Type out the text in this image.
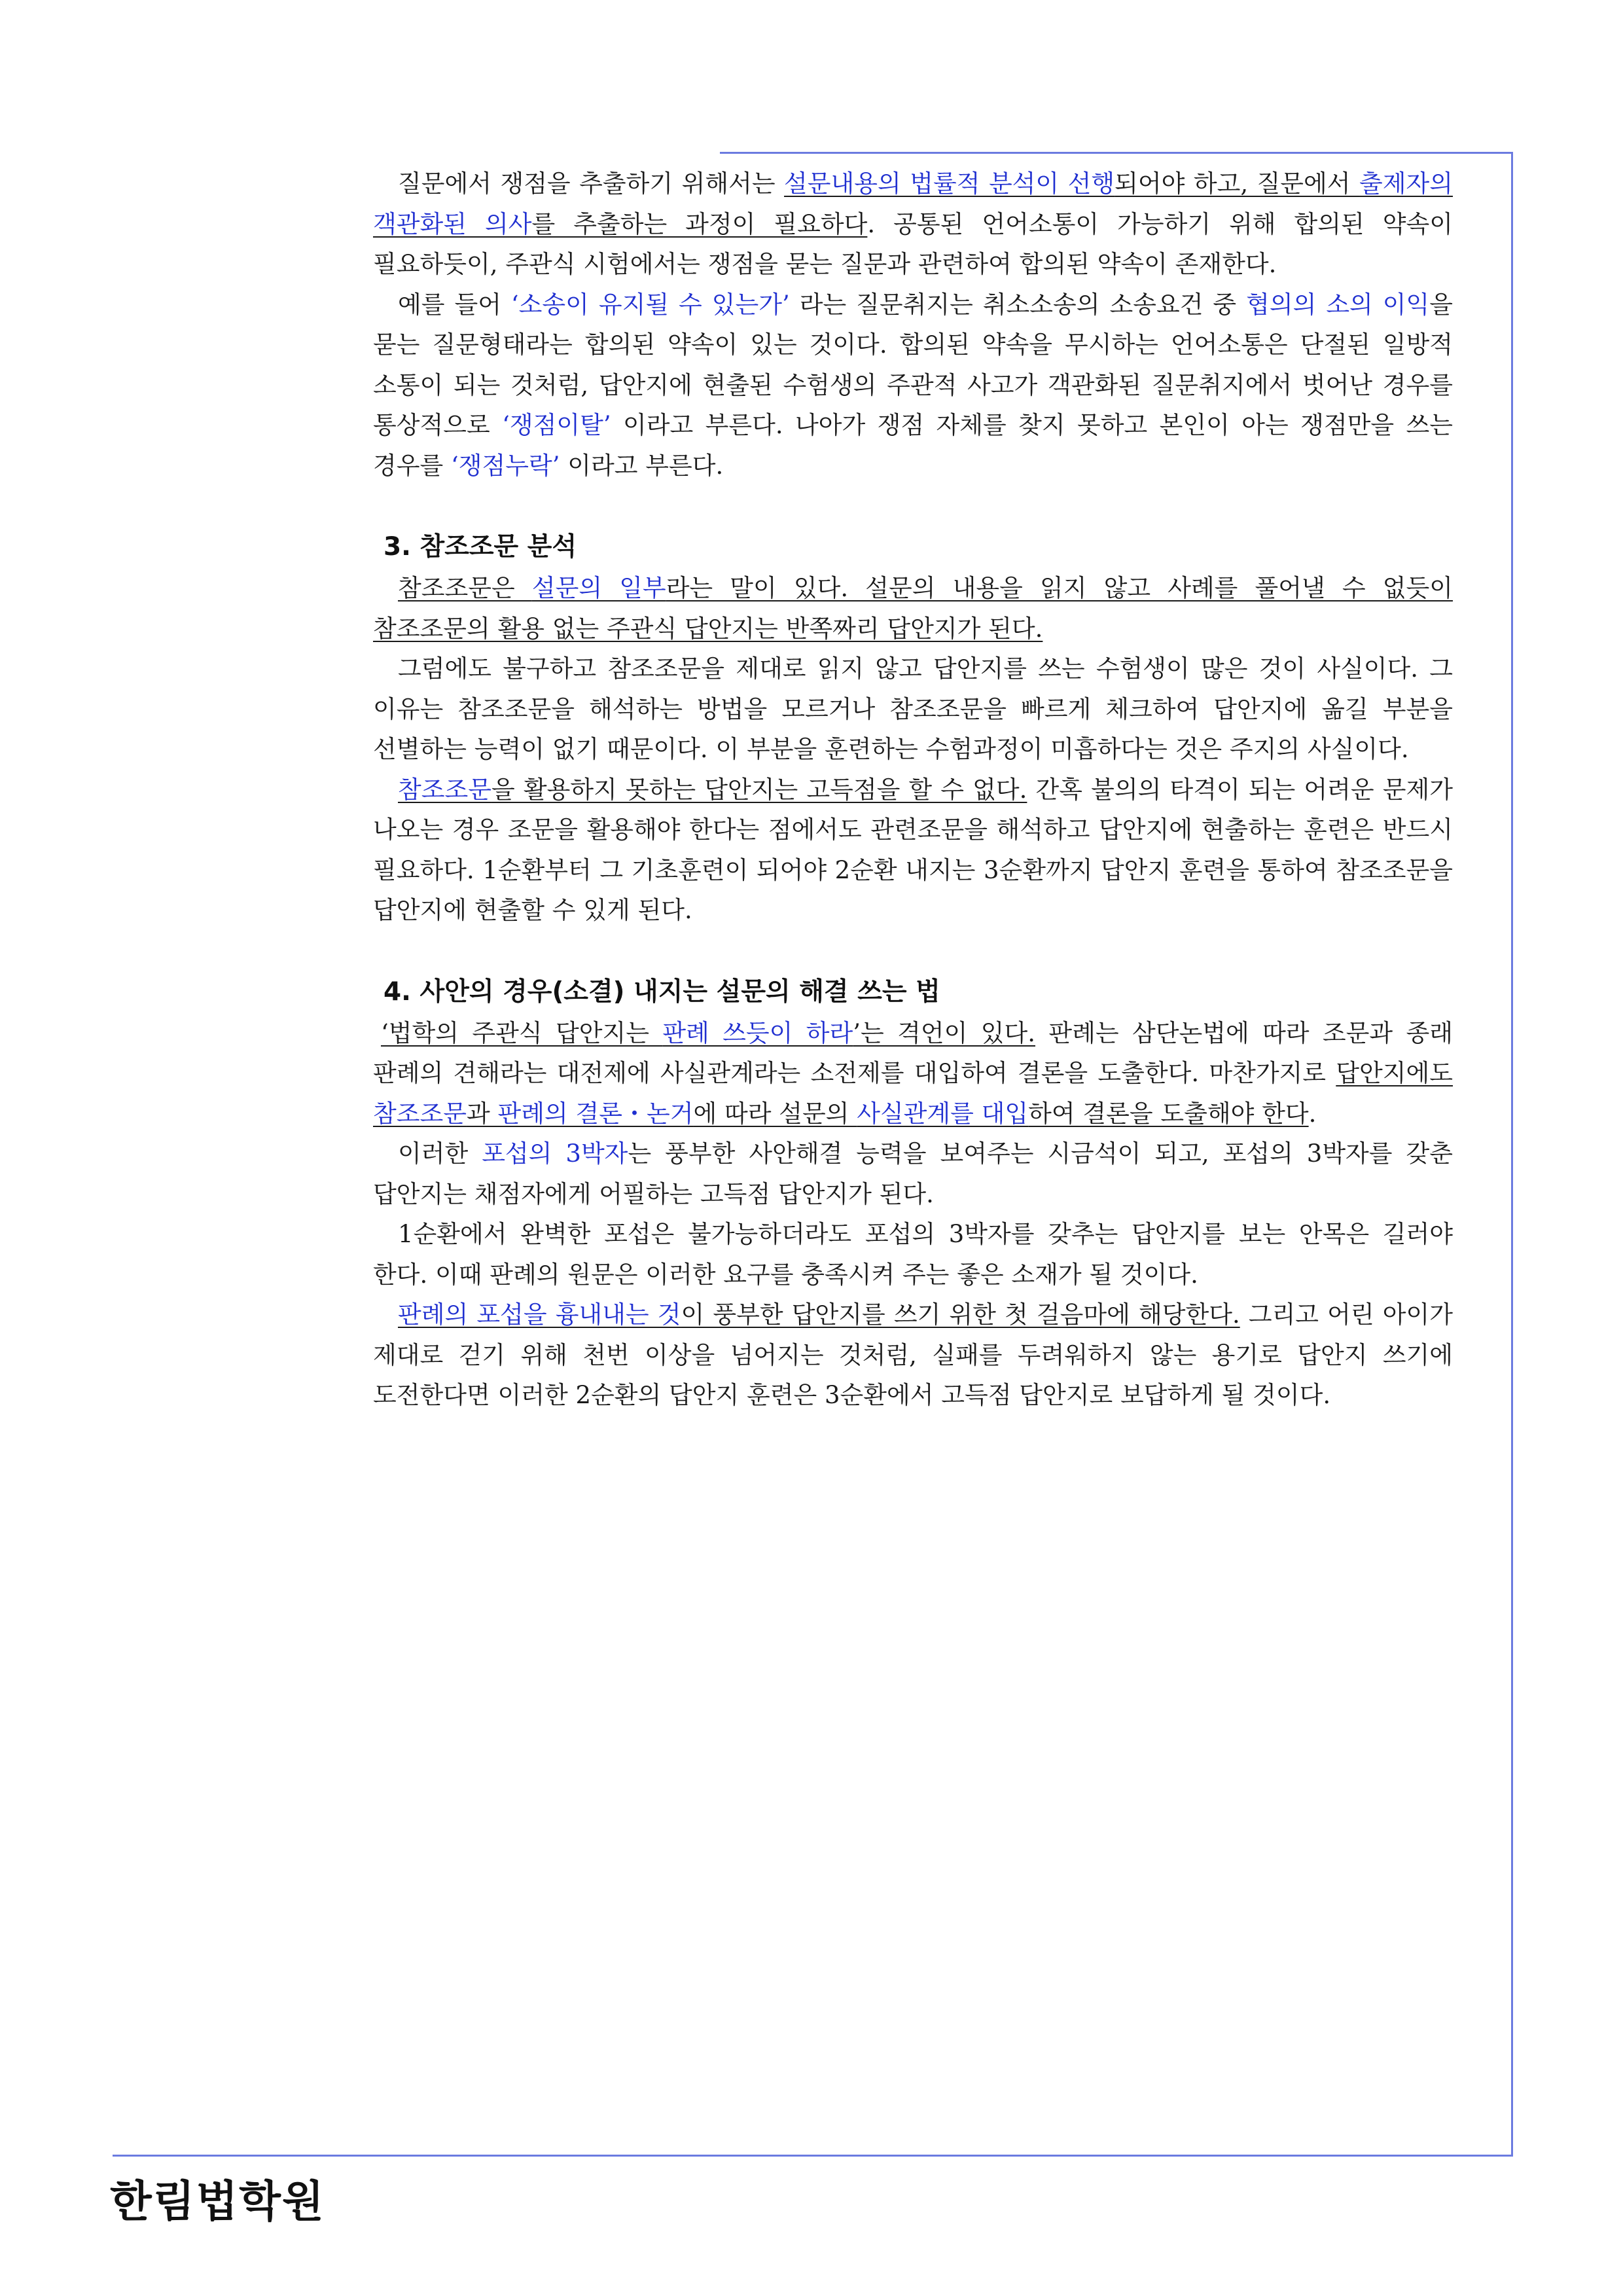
질문에서 쟁점을 추출하기 위해서는 설문내용의 법률적 분석이 선행되어야 하고, 질문에서 출제자의 객관화된 의사를 추출하는 과정이 필요하다. 공통된 언어소통이 가능하기 위해 합의된 약속이 필요하듯이, 주관식 시험에서는 쟁점을 묻는 질문과 관련하여 합의된 약속이 존재한다.

예를 들어 ‘소송이 유지될 수 있는가’ 라는 질문취지는 취소소송의 소송요건 중 협의의 소의 이익을 묻는 질문형태라는 합의된 약속이 있는 것이다. 합의된 약속을 무시하는 언어소통은 단절된 일방적 소통이 되는 것처럼, 답안지에 현출된 수험생의 주관적 사고가 객관화된 질문취지에서 벗어난 경우를 통상적으로 ‘쟁점이탈’ 이라고 부른다. 나아가 쟁점 자체를 찾지 못하고 본인이 아는 쟁점만을 쓰는 경우를 ‘쟁점누락’ 이라고 부른다.

3. 참조조문 분석

참조조문은 설문의 일부라는 말이 있다. 설문의 내용을 읽지 않고 사례를 풀어낼 수 없듯이 참조조문의 활용 없는 주관식 답안지는 반쪽짜리 답안지가 된다.

그럼에도 불구하고 참조조문을 제대로 읽지 않고 답안지를 쓰는 수험생이 많은 것이 사실이다. 그 이유는 참조조문을 해석하는 방법을 모르거나 참조조문을 빠르게 체크하여 답안지에 옮길 부분을 선별하는 능력이 없기 때문이다. 이 부분을 훈련하는 수험과정이 미흡하다는 것은 주지의 사실이다.

참조조문을 활용하지 못하는 답안지는 고득점을 할 수 없다. 간혹 불의의 타격이 되는 어려운 문제가 나오는 경우 조문을 활용해야 한다는 점에서도 관련조문을 해석하고 답안지에 현출하는 훈련은 반드시 필요하다. 1순환부터 그 기초훈련이 되어야 2순환 내지는 3순환까지 답안지 훈련을 통하여 참조조문을 답안지에 현출할 수 있게 된다.

4. 사안의 경우(소결) 내지는 설문의 해결 쓰는 법

‘법학의 주관식 답안지는 판례 쓰듯이 하라’는 격언이 있다. 판례는 삼단논법에 따라 조문과 종래 판례의 견해라는 대전제에 사실관계라는 소전제를 대입하여 결론을 도출한다. 마찬가지로 답안지에도 참조조문과 판례의 결론・논거에 따라 설문의 사실관계를 대입하여 결론을 도출해야 한다.

이러한 포섭의 3박자는 풍부한 사안해결 능력을 보여주는 시금석이 되고, 포섭의 3박자를 갖춘 답안지는 채점자에게 어필하는 고득점 답안지가 된다.

1순환에서 완벽한 포섭은 불가능하더라도 포섭의 3박자를 갖추는 답안지를 보는 안목은 길러야 한다. 이때 판례의 원문은 이러한 요구를 충족시켜 주는 좋은 소재가 될 것이다.

판례의 포섭을 흉내내는 것이 풍부한 답안지를 쓰기 위한 첫 걸음마에 해당한다. 그리고 어린 아이가 제대로 걷기 위해 천번 이상을 넘어지는 것처럼, 실패를 두려워하지 않는 용기로 답안지 쓰기에 도전한다면 이러한 2순환의 답안지 훈련은 3순환에서 고득점 답안지로 보답하게 될 것이다.

한림법학원
